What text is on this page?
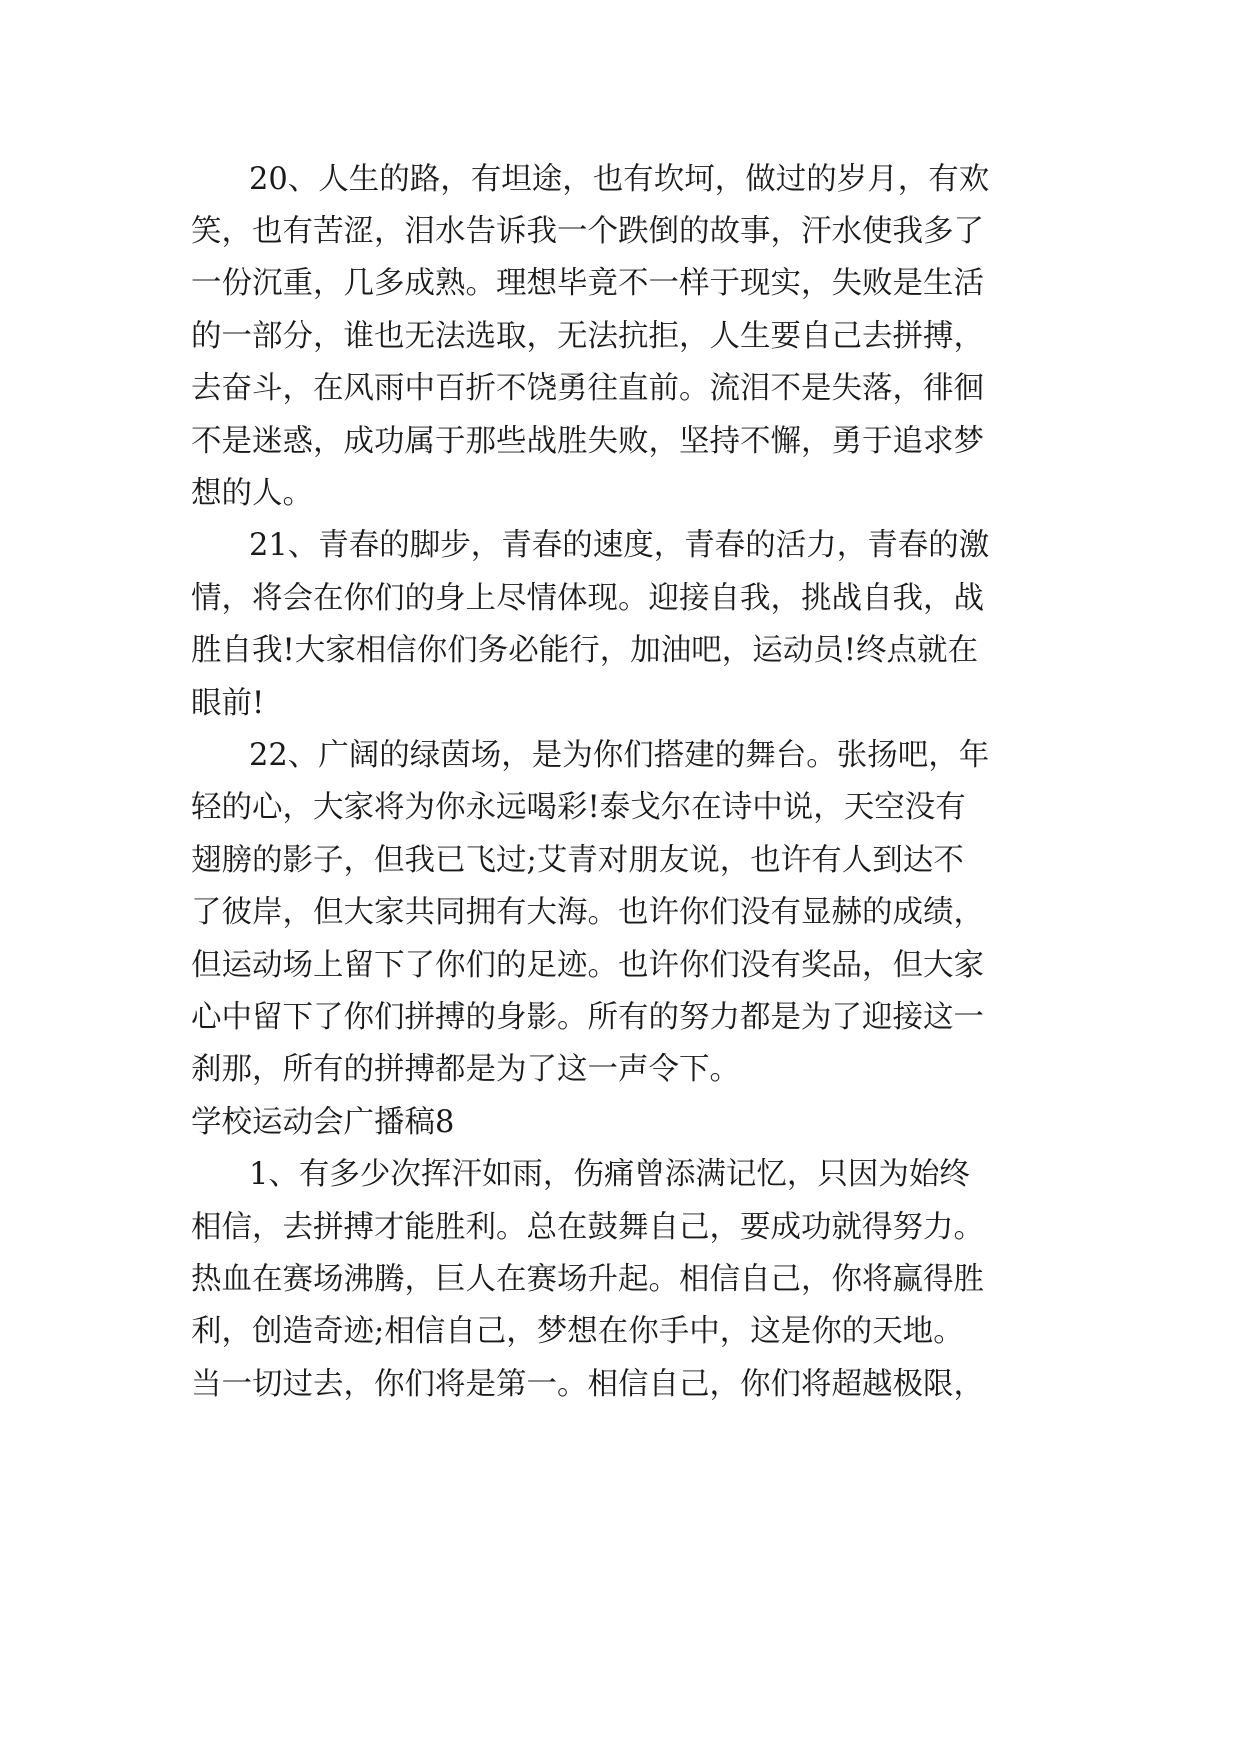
20、人生的路，有坦途，也有坎坷，做过的岁月，有欢
笑，也有苦涩，泪水告诉我一个跌倒的故事，汗水使我多了
一份沉重，几多成熟。理想毕竟不一样于现实，失败是生活
的一部分，谁也无法选取，无法抗拒，人生要自己去拼搏，
去奋斗，在风雨中百折不饶勇往直前。流泪不是失落，徘徊
不是迷惑，成功属于那些战胜失败，坚持不懈，勇于追求梦
想的人。
21、青春的脚步，青春的速度，青春的活力，青春的激
情，将会在你们的身上尽情体现。迎接自我，挑战自我，战
胜自我!大家相信你们务必能行，加油吧，运动员!终点就在
眼前!
22、广阔的绿茵场，是为你们搭建的舞台。张扬吧，年
轻的心，大家将为你永远喝彩!泰戈尔在诗中说，天空没有
翅膀的影子，但我已飞过;艾青对朋友说，也许有人到达不
了彼岸，但大家共同拥有大海。也许你们没有显赫的成绩，
但运动场上留下了你们的足迹。也许你们没有奖品，但大家
心中留下了你们拼搏的身影。所有的努力都是为了迎接这一
刹那，所有的拼搏都是为了这一声令下。
学校运动会广播稿8
1、有多少次挥汗如雨，伤痛曾添满记忆，只因为始终
相信，去拼搏才能胜利。总在鼓舞自己，要成功就得努力。
热血在赛场沸腾，巨人在赛场升起。相信自己，你将赢得胜
利，创造奇迹;相信自己，梦想在你手中，这是你的天地。
当一切过去，你们将是第一。相信自己，你们将超越极限，
